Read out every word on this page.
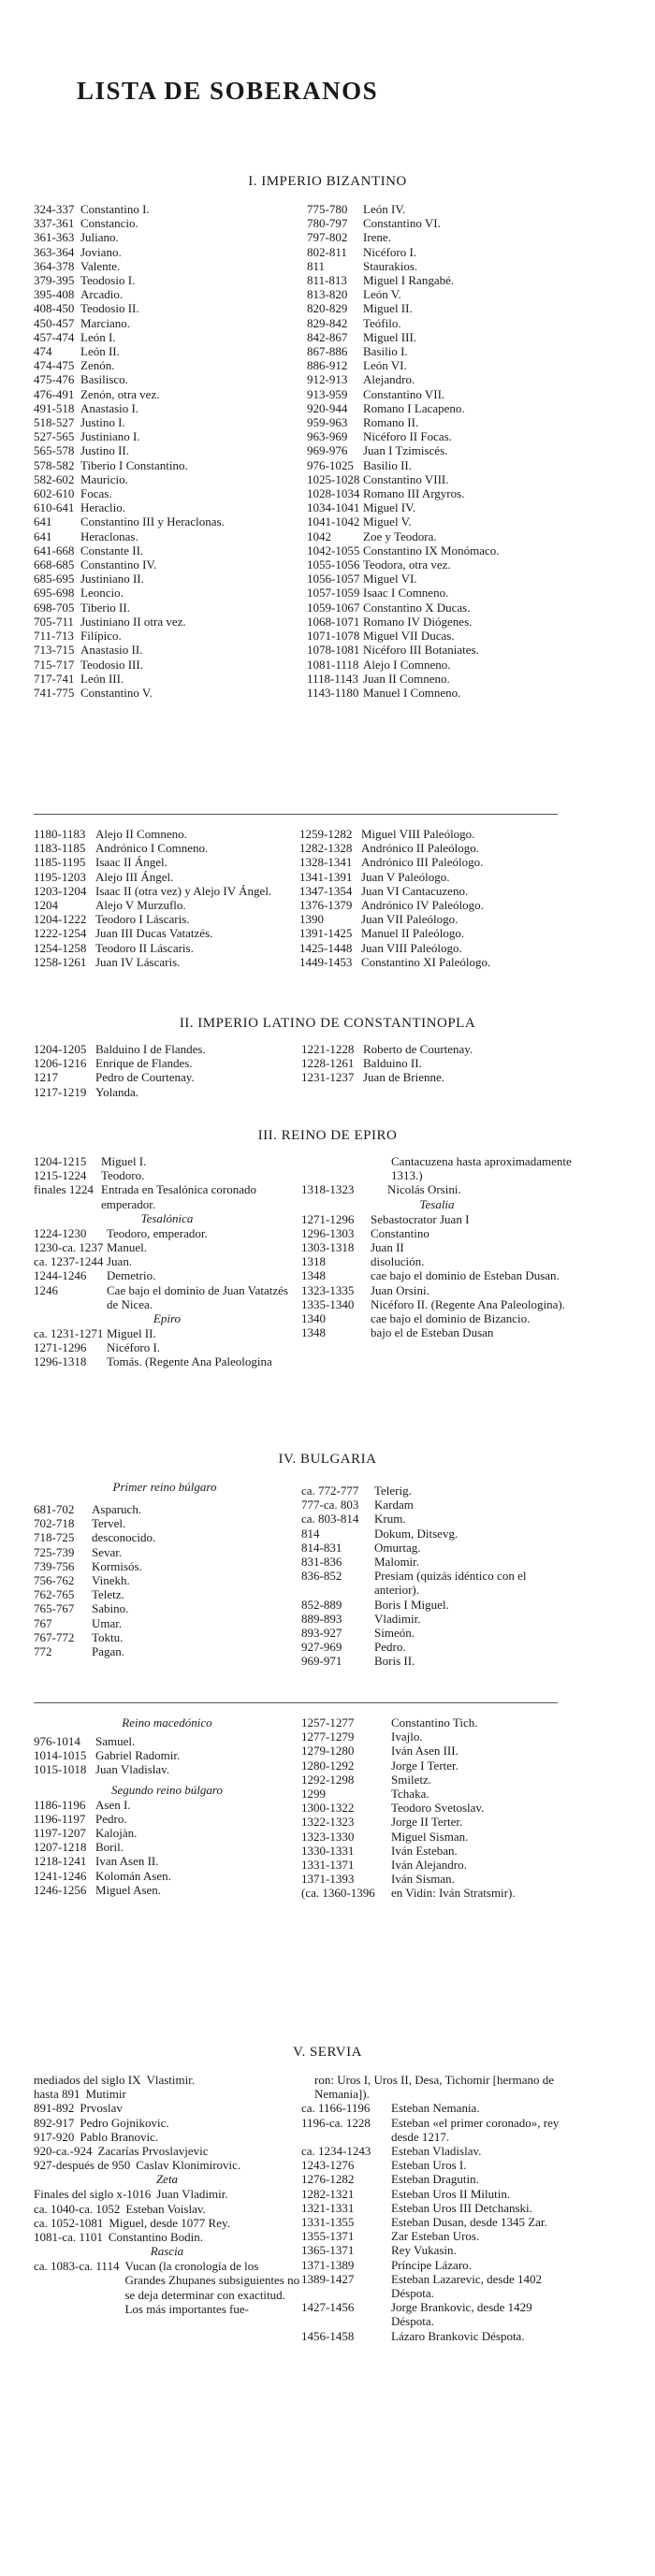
LISTA DE SOBERANOS
I. IMPERIO BIZANTINO
324-337 Constantino I.
337-361 Constancio.
361-363 Juliano.
363-364 Joviano.
364-378 Valente.
379-395 Teodosio I.
395-408 Arcadio.
408-450 Teodosio II.
450-457 Marciano.
457-474 León I.
474	León II.
474-475 Zenón.
475-476 Basilisco.
476-491 Zenón, otra vez.
491-518 Anastasio I.
518-527 Justino I.
527-565 Justiniano I.
565-578 Justino II.
578-582 Tiberio I Constantino.
582-602 Mauricio.
602-610 Focas.
610-641 Heraclio.
641	Constantino III y Heraclonas.
641	Heraclonas.
641-668 Constante II.
668-685 Constantino IV.
685-695 Justiniano II.
695-698 Leoncio.
698-705 Tiberio II.
705-711 Justiniano II otra vez.
711-713 Filípico.
713-715 Anastasio II.
715-717 Teodosio III.
717-741 León III.
741-775 Constantino V.
775-780	León IV.
780-797	Constantino VI.
797-802	Irene.
802-811	Nicéforo I.
811	Staurakios.
811-813	Miguel I Rangabé.
813-820	León V.
820-829	Miguel II.
829-842	Teófilo.
842-867	Miguel III.
867-886	Basilio I.
886-912	León VI.
912-913	Alejandro.
913-959	Constantino VII.
920-944	Romano I Lacapeno.
959-963	Romano II.
963-969	Nicéforo II Focas.
969-976	Juan I Tzimiscés.
976-1025 Basilio II.
1025-1028 Constantino VIII.
1028-1034 Romano III Argyros.
1034-1041 Miguel IV.
1041-1042 Miguel V.
1042	Zoe y Teodora.
1042-1055 Constantino IX Monómaco.
1055-1056 Teodora, otra vez.
1056-1057 Miguel VI.
1057-1059 Isaac I Comneno.
1059-1067 Constantino X Ducas.
1068-1071 Romano IV Diógenes.
1071-1078 Miguel VII Ducas.
1078-1081 Nicéforo III Botaniates.
1081-1118 Alejo I Comneno.
1118-1143 Juan II Comneno.
1143-1180 Manuel I Comneno.
1180-1183 Alejo II Comneno.
1183-1185 Andrónico I Comneno.
1185-1195 Isaac II Ángel.
1195-1203 Alejo III Ángel.
1203-1204 Isaac II (otra vez) y Alejo IV Ángel.
1204	Alejo V Murzuflo.
1204-1222 Teodoro I Láscaris.
1222-1254 Juan III Ducas Vatatzés.
1254-1258 Teodoro II Láscaris.
1258-1261 Juan IV Láscaris.
1259-1282 Miguel VIII Paleólogo.
1282-1328 Andrónico II Paleólogo.
1328-1341 Andrónico III Paleólogo.
1341-1391 Juan V Paleólogo.
1347-1354 Juan VI Cantacuzeno.
1376-1379 Andrónico IV Paleólogo.
1390	Juan VII Paleólogo.
1391-1425 Manuel II Paleólogo.
1425-1448 Juan VIII Paleólogo.
1449-1453 Constantino XI Paleólogo.
II. IMPERIO LATINO DE CONSTANTINOPLA
1204-1205 Balduino I de Flandes.
1206-1216 Enrique de Flandes.
1217	Pedro de Courtenay.
1217-1219 Yolanda.
1221-1228 Roberto de Courtenay.
1228-1261 Balduino II.
1231-1237 Juan de Brienne.
III. REINO DE EPIRO
1204-1215	Miguel I.
1215-1224	Teodoro.
finales 1224 Entrada en Tesalónica coronado emperador.
Tesalónica
1224-1230	Teodoro, emperador.
1230-ca. 1237 Manuel.
ca. 1237-1244 Juan.
1244-1246	Demetrio.
1246	Cae bajo el dominio de Juan Vatatzés de Nicea.
Epiro
ca. 1231-1271 Miguel II.
1271-1296	Nicéforo I.
1296-1318	Tomás. (Regente Ana Paleologina
Cantacuzena hasta aproximadamente 1313.)
1318-1323	Nicolás Orsini.
Tesalia
1271-1296	Sebastocrator Juan I
1296-1303	Constantino
1303-1318	Juan II
1318	disolución.
1348	cae bajo el dominio de Esteban Dusan.
1323-1335	Juan Orsini.
1335-1340	Nicéforo II. (Regente Ana Paleologina).
1340	cae bajo el dominio de Bizancio.
1348	bajo el de Esteban Dusan
IV. BULGARIA
Primer reino búlgaro
681-702	Asparuch.
702-718	Tervel.
718-725	desconocido.
725-739	Sevar.
739-756	Kormisós.
756-762	Vinekh.
762-765	Teletz.
765-767	Sabino.
767	Umar.
767-772	Toktu.
772	Pagan.
ca. 772-777	Telerig.
777-ca. 803	Kardam
ca. 803-814	Krum.
814	Dokum, Ditsevg.
814-831	Omurtag.
831-836	Malomir.
836-852	Presiam (quizás idéntico con el anterior).
852-889	Boris I Miguel.
889-893	Vladimir.
893-927	Simeón.
927-969	Pedro.
969-971	Boris II.
Reino macedónico
976-1014	Samuel.
1014-1015 Gabriel Radomir.
1015-1018 Juan Vladislav.
Segundo reino búlgaro
1186-1196 Asen I.
1196-1197 Pedro.
1197-1207 Kalojàn.
1207-1218 Boril.
1218-1241 Ivan Asen II.
1241-1246 Kolomán Asen.
1246-1256 Miguel Asen.
1257-1277	Constantino Tich.
1277-1279	Ivajlo.
1279-1280	Iván Asen III.
1280-1292	Jorge I Terter.
1292-1298	Smiletz.
1299	Tchaka.
1300-1322	Teodoro Svetoslav.
1322-1323	Jorge II Terter.
1323-1330	Miguel Sisman.
1330-1331	Iván Esteban.
1331-1371	Iván Alejandro.
1371-1393	Iván Sisman.
(ca. 1360-1396	en Vidin: Iván Stratsmir).
V. SERVIA
mediados del siglo IX Vlastimir.
hasta 891 Mutimir
891-892 Prvoslav
892-917 Pedro Gojnikovic.
917-920 Pablo Branovic.
920-ca.-924 Zacarías Prvoslavjevic
927-después de 950 Caslav Klonimirovic.
Zeta
Finales del siglo x-1016 Juan Vladimir.
ca. 1040-ca. 1052 Esteban Voislav.
ca. 1052-1081 Miguel, desde 1077 Rey.
1081-ca. 1101 Constantino Bodin.
Rascia
ca. 1083-ca. 1114 Vucan (la cronología de los Grandes Zhupanes subsiguientes no se deja determinar con exactitud. Los más importantes fue-
ron: Uros I, Uros II, Desa, Tichomir [hermano de Nemania]).
ca. 1166-1196	Esteban Nemania.
1196-ca. 1228	Esteban «el primer coronado», rey desde 1217.
ca. 1234-1243	Esteban Vladislav.
1243-1276	Esteban Uros I.
1276-1282	Esteban Dragutin.
1282-1321	Esteban Uros II Milutin.
1321-1331	Esteban Uros III Detchanski.
1331-1355	Esteban Dusan, desde 1345 Zar.
1355-1371	Zar Esteban Uros.
1365-1371	Rey Vukasin.
1371-1389	Príncipe Lázaro.
1389-1427	Esteban Lazarevic, desde 1402 Déspota.
1427-1456	Jorge Brankovic, desde 1429 Déspota.
1456-1458	Lázaro Brankovic Déspota.
